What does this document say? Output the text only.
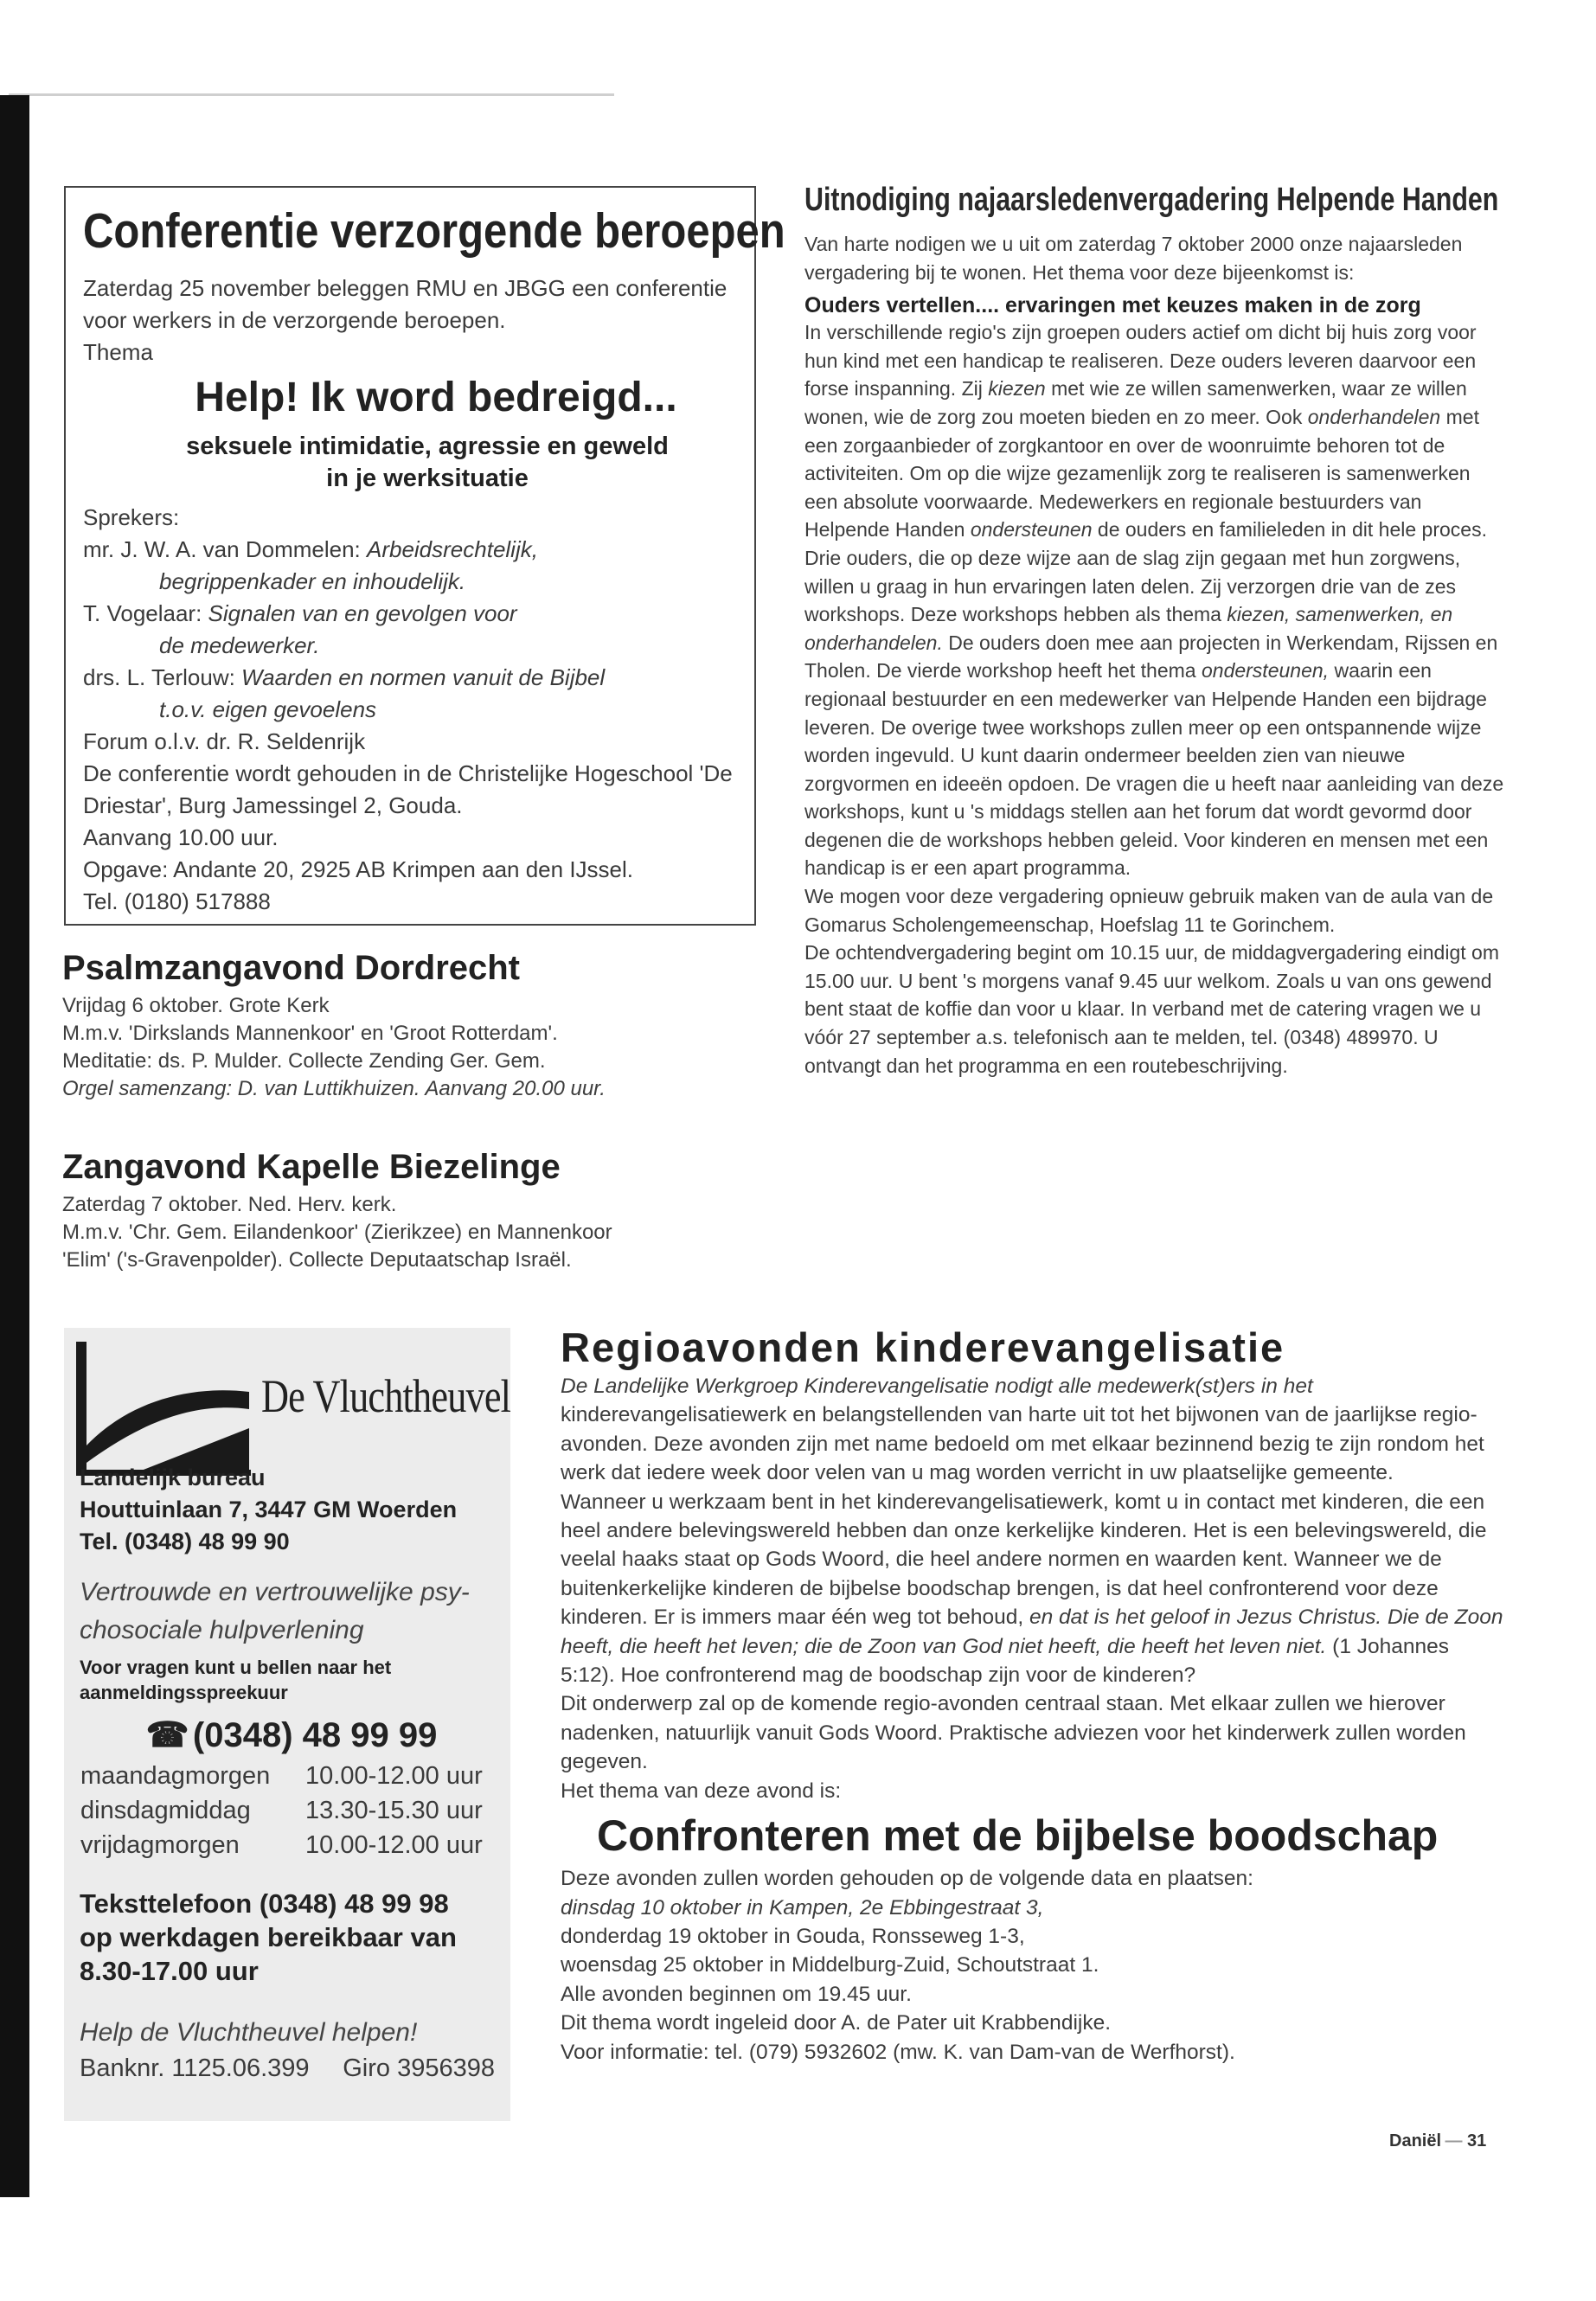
Conferentie verzorgende beroepen
Zaterdag 25 november beleggen RMU en JBGG een conferentie voor werkers in de verzorgende beroepen.
Thema
Help! Ik word bedreigd...
seksuele intimidatie, agressie en geweld
in je werksituatie
Sprekers:
mr. J. W. A. van Dommelen: Arbeidsrechtelijk,
begrippenkader en inhoudelijk.
T. Vogelaar: Signalen van en gevolgen voor
de medewerker.
drs. L. Terlouw: Waarden en normen vanuit de Bijbel
t.o.v. eigen gevoelens
Forum o.l.v. dr. R. Seldenrijk
De conferentie wordt gehouden in de Christelijke Hogeschool 'De Driestar', Burg Jamessingel 2, Gouda.
Aanvang 10.00 uur.
Opgave: Andante 20, 2925 AB Krimpen aan den IJssel.
Tel. (0180) 517888
Psalmzangavond Dordrecht
Vrijdag 6 oktober. Grote Kerk
M.m.v. 'Dirkslands Mannenkoor' en 'Groot Rotterdam'.
Meditatie: ds. P. Mulder. Collecte Zending Ger. Gem.
Orgel samenzang: D. van Luttikhuizen. Aanvang 20.00 uur.
Zangavond Kapelle Biezelinge
Zaterdag 7 oktober. Ned. Herv. kerk.
M.m.v. 'Chr. Gem. Eilandenkoor' (Zierikzee) en Mannenkoor
'Elim' ('s-Gravenpolder). Collecte Deputaatschap Israël.
Uitnodiging najaarsledenvergadering Helpende Handen
Van harte nodigen we u uit om zaterdag 7 oktober 2000 onze najaarsleden vergadering bij te wonen. Het thema voor deze bijeenkomst is:
Ouders vertellen.... ervaringen met keuzes maken in de zorg
In verschillende regio's zijn groepen ouders actief om dicht bij huis zorg voor hun kind met een handicap te realiseren. Deze ouders leveren daarvoor een forse inspanning. Zij kiezen met wie ze willen samenwerken, waar ze willen wonen, wie de zorg zou moeten bieden en zo meer. Ook onderhandelen met een zorgaanbieder of zorgkantoor en over de woonruimte behoren tot de activiteiten. Om op die wijze gezamenlijk zorg te realiseren is samenwerken een absolute voorwaarde. Medewerkers en regionale bestuurders van Helpende Handen ondersteunen de ouders en familieleden in dit hele proces.
Drie ouders, die op deze wijze aan de slag zijn gegaan met hun zorgwens, willen u graag in hun ervaringen laten delen. Zij verzorgen drie van de zes workshops. Deze workshops hebben als thema kiezen, samenwerken, en onderhandelen. De ouders doen mee aan projecten in Werkendam, Rijssen en Tholen. De vierde workshop heeft het thema ondersteunen, waarin een regionaal bestuurder en een medewerker van Helpende Handen een bijdrage leveren. De overige twee workshops zullen meer op een ontspannende wijze worden ingevuld. U kunt daarin ondermeer beelden zien van nieuwe zorgvormen en ideeën opdoen. De vragen die u heeft naar aanleiding van deze workshops, kunt u 's middags stellen aan het forum dat wordt gevormd door degenen die de workshops hebben geleid. Voor kinderen en mensen met een handicap is er een apart programma.
We mogen voor deze vergadering opnieuw gebruik maken van de aula van de Gomarus Scholengemeenschap, Hoefslag 11 te Gorinchem.
De ochtendvergadering begint om 10.15 uur, de middagvergadering eindigt om 15.00 uur. U bent 's morgens vanaf 9.45 uur welkom. Zoals u van ons gewend bent staat de koffie dan voor u klaar. In verband met de catering vragen we u vóór 27 september a.s. telefonisch aan te melden, tel. (0348) 489970. U ontvangt dan het programma en een routebeschrijving.
De Vluchtheuvel
Landelijk bureau
Houttuinlaan 7, 3447 GM Woerden
Tel. (0348) 48 99 90
Vertrouwde en vertrouwelijke psy-
chosociale hulpverlening
Voor vragen kunt u bellen naar het aanmeldingsspreekuur
☎ (0348) 48 99 99
maandagmorgen	10.00-12.00 uur
dinsdagmiddag	13.30-15.30 uur
vrijdagmorgen	10.00-12.00 uur
Teksttelefoon (0348) 48 99 98
op werkdagen bereikbaar van
8.30-17.00 uur
Help de Vluchtheuvel helpen!
Banknr. 1125.06.399 Giro 3956398
Regioavonden kinderevangelisatie
De Landelijke Werkgroep Kinderevangelisatie nodigt alle medewerk(st)ers in het kinderevangelisatiewerk en belangstellenden van harte uit tot het bijwonen van de jaarlijkse regio-avonden. Deze avonden zijn met name bedoeld om met elkaar bezinnend bezig te zijn rondom het werk dat iedere week door velen van u mag worden verricht in uw plaatselijke gemeente.
Wanneer u werkzaam bent in het kinderevangelisatiewerk, komt u in contact met kinderen, die een heel andere belevingswereld hebben dan onze kerkelijke kinderen. Het is een belevingswereld, die veelal haaks staat op Gods Woord, die heel andere normen en waarden kent. Wanneer we de buitenkerkelijke kinderen de bijbelse boodschap brengen, is dat heel confronterend voor deze kinderen. Er is immers maar één weg tot behoud, en dat is het geloof in Jezus Christus. Die de Zoon heeft, die heeft het leven; die de Zoon van God niet heeft, die heeft het leven niet. (1 Johannes 5:12). Hoe confronterend mag de boodschap zijn voor de kinderen?
Dit onderwerp zal op de komende regio-avonden centraal staan. Met elkaar zullen we hierover nadenken, natuurlijk vanuit Gods Woord. Praktische adviezen voor het kinderwerk zullen worden gegeven.
Het thema van deze avond is:
Confronteren met de bijbelse boodschap
Deze avonden zullen worden gehouden op de volgende data en plaatsen:
dinsdag 10 oktober in Kampen, 2e Ebbingestraat 3,
donderdag 19 oktober in Gouda, Ronsseweg 1-3,
woensdag 25 oktober in Middelburg-Zuid, Schoutstraat 1.
Alle avonden beginnen om 19.45 uur.
Dit thema wordt ingeleid door A. de Pater uit Krabbendijke.
Voor informatie: tel. (079) 5932602 (mw. K. van Dam-van de Werfhorst).
Daniël — 31
